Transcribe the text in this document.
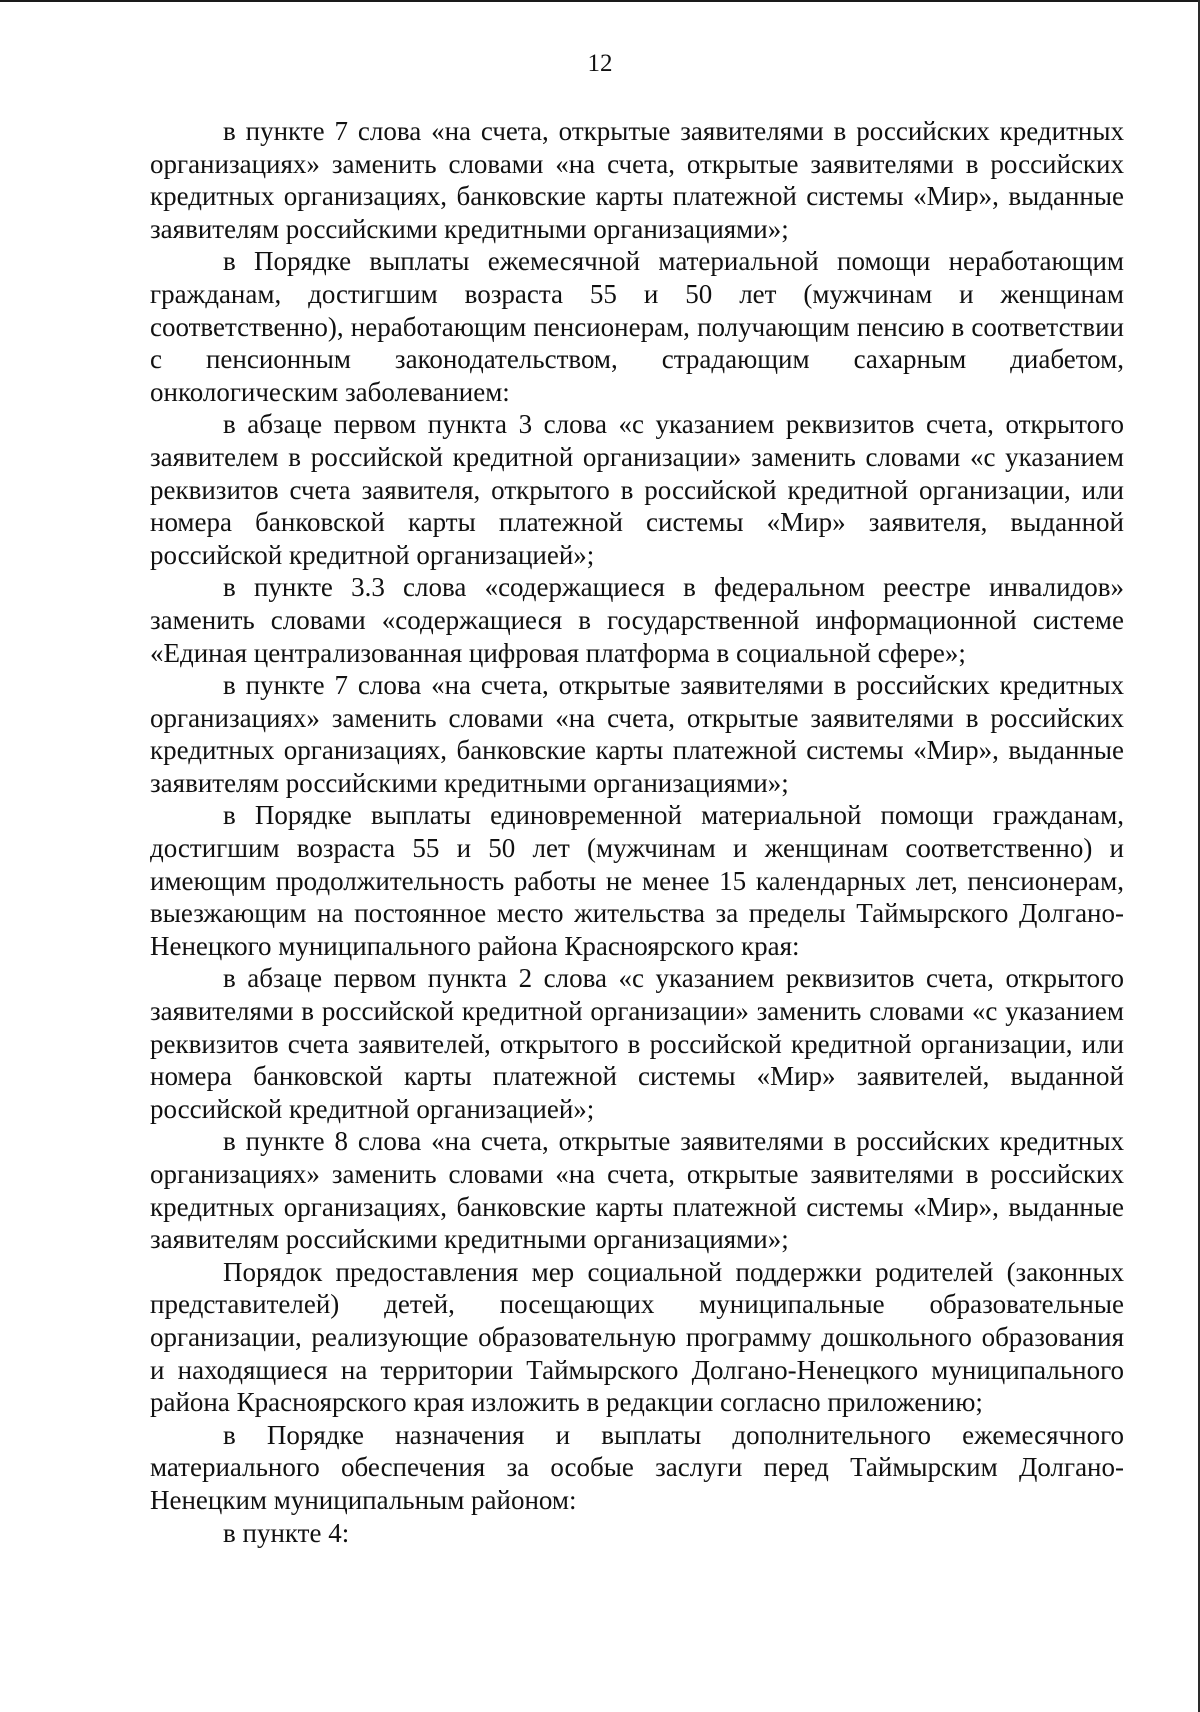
12

в пункте 7 слова «на счета, открытые заявителями в российских кредитных организациях» заменить словами «на счета, открытые заявителями в российских кредитных организациях, банковские карты платежной системы «Мир», выданные заявителям российскими кредитными организациями»;

в Порядке выплаты ежемесячной материальной помощи неработающим гражданам, достигшим возраста 55 и 50 лет (мужчинам и женщинам соответственно), неработающим пенсионерам, получающим пенсию в соответствии с пенсионным законодательством, страдающим сахарным диабетом, онкологическим заболеванием:

в абзаце первом пункта 3 слова «с указанием реквизитов счета, открытого заявителем в российской кредитной организации» заменить словами «с указанием реквизитов счета заявителя, открытого в российской кредитной организации, или номера банковской карты платежной системы «Мир» заявителя, выданной российской кредитной организацией»;

в пункте 3.3 слова «содержащиеся в федеральном реестре инвалидов» заменить словами «содержащиеся в государственной информационной системе «Единая централизованная цифровая платформа в социальной сфере»;

в пункте 7 слова «на счета, открытые заявителями в российских кредитных организациях» заменить словами «на счета, открытые заявителями в российских кредитных организациях, банковские карты платежной системы «Мир», выданные заявителям российскими кредитными организациями»;

в Порядке выплаты единовременной материальной помощи гражданам, достигшим возраста 55 и 50 лет (мужчинам и женщинам соответственно) и имеющим продолжительность работы не менее 15 календарных лет, пенсионерам, выезжающим на постоянное место жительства за пределы Таймырского Долгано-Ненецкого муниципального района Красноярского края:

в абзаце первом пункта 2 слова «с указанием реквизитов счета, открытого заявителями в российской кредитной организации» заменить словами «с указанием реквизитов счета заявителей, открытого в российской кредитной организации, или номера банковской карты платежной системы «Мир» заявителей, выданной российской кредитной организацией»;

в пункте 8 слова «на счета, открытые заявителями в российских кредитных организациях» заменить словами «на счета, открытые заявителями в российских кредитных организациях, банковские карты платежной системы «Мир», выданные заявителям российскими кредитными организациями»;

Порядок предоставления мер социальной поддержки родителей (законных представителей) детей, посещающих муниципальные образовательные организации, реализующие образовательную программу дошкольного образования и находящиеся на территории Таймырского Долгано-Ненецкого муниципального района Красноярского края изложить в редакции согласно приложению;

в Порядке назначения и выплаты дополнительного ежемесячного материального обеспечения за особые заслуги перед Таймырским Долгано-Ненецким муниципальным районом:

в пункте 4:
